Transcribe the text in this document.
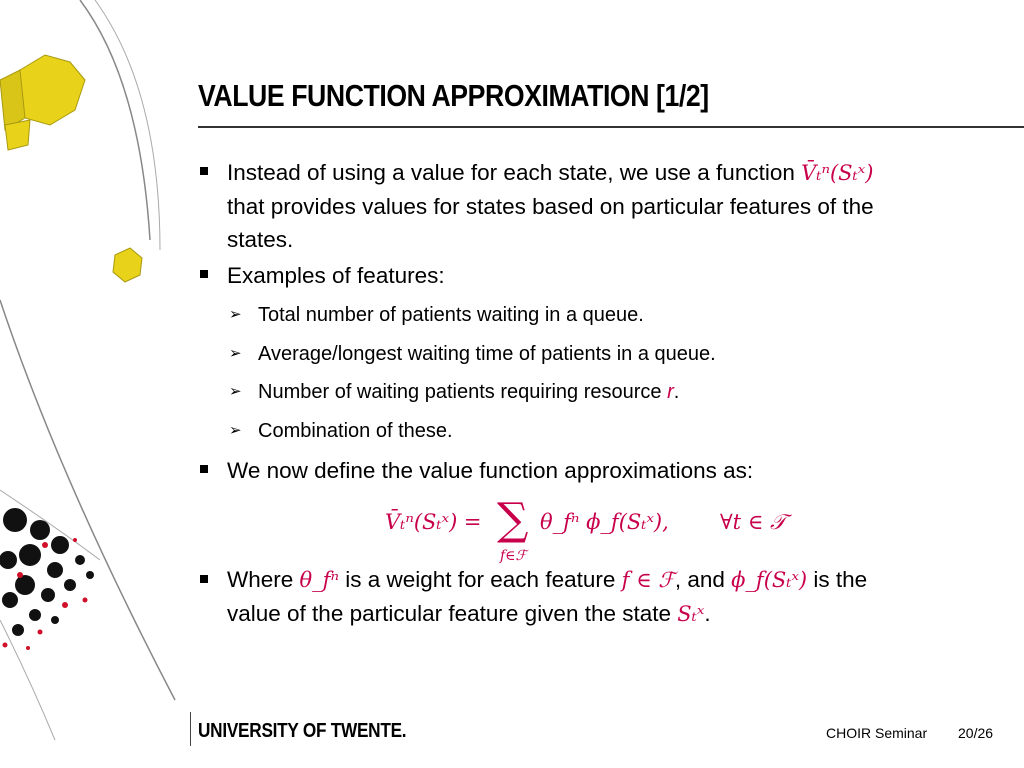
VALUE FUNCTION APPROXIMATION [1/2]
Instead of using a value for each state, we use a function V̄ₜⁿ(Sₜˣ)
that provides values for states based on particular features of the
states.
Examples of features:
➢ Total number of patients waiting in a queue.
➢ Average/longest waiting time of patients in a queue.
➢ Number of waiting patients requiring resource r.
➢ Combination of these.
We now define the value function approximations as:
V̄ₜⁿ(Sₜˣ) = ∑
f∈ℱ
θ_fⁿ ϕ_f(Sₜˣ), ∀t ∈ 𝒯
Where θ_fⁿ is a weight for each feature f ∈ ℱ, and ϕ_f(Sₜˣ) is the
value of the particular feature given the state Sₜˣ.
UNIVERSITY OF TWENTE.	CHOIR Seminar 20/26
